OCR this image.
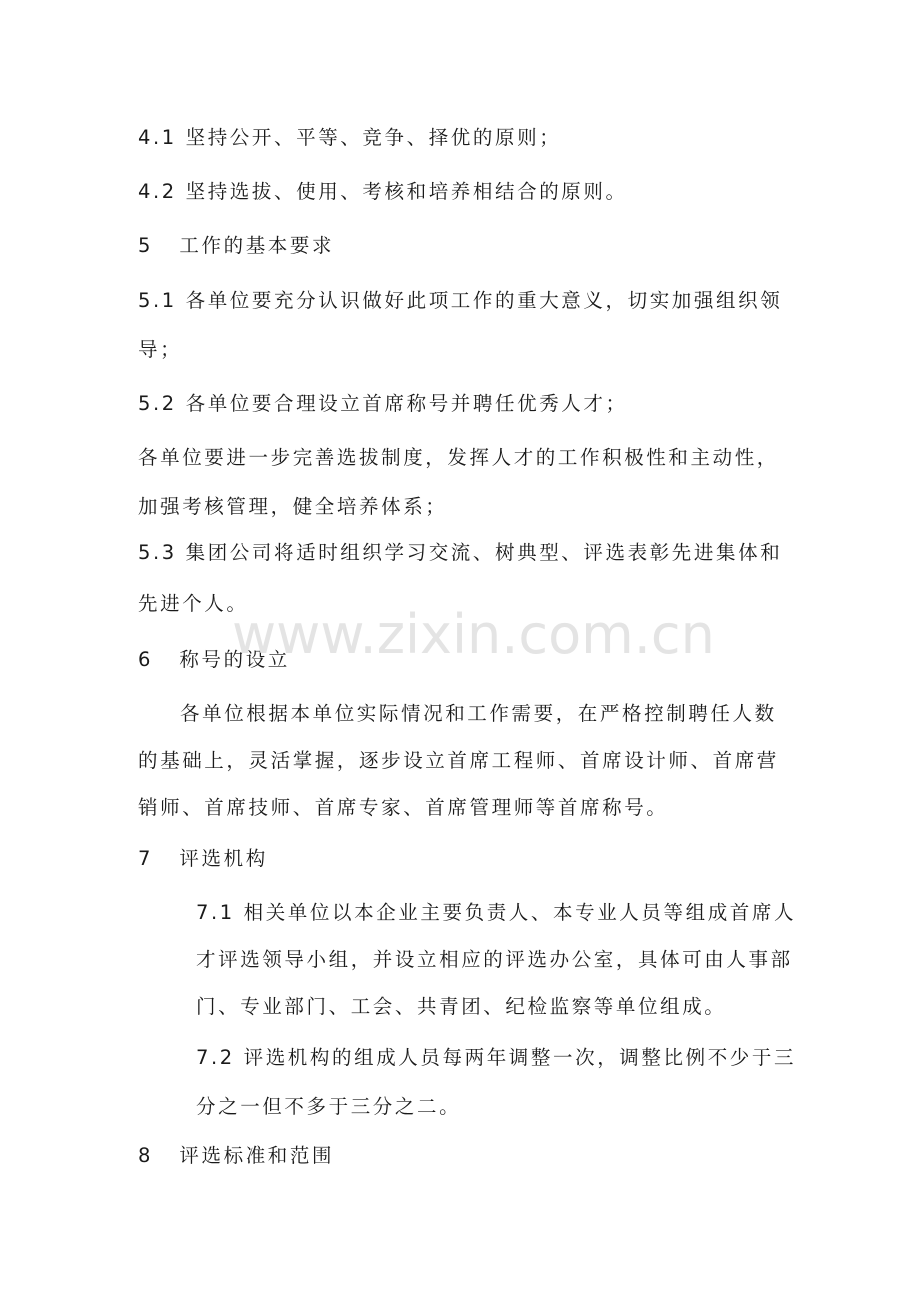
4.1 坚持公开、平等、竞争、择优的原则；
4.2 坚持选拔、使用、考核和培养相结合的原则。
5   工作的基本要求
5.1 各单位要充分认识做好此项工作的重大意义，切实加强组织领
导；
5.2 各单位要合理设立首席称号并聘任优秀人才；
各单位要进一步完善选拔制度，发挥人才的工作积极性和主动性，
加强考核管理，健全培养体系；
5.3 集团公司将适时组织学习交流、树典型、评选表彰先进集体和
先进个人。
6   称号的设立
各单位根据本单位实际情况和工作需要，在严格控制聘任人数
的基础上，灵活掌握，逐步设立首席工程师、首席设计师、首席营
销师、首席技师、首席专家、首席管理师等首席称号。
7   评选机构
7.1 相关单位以本企业主要负责人、本专业人员等组成首席人
才评选领导小组，并设立相应的评选办公室，具体可由人事部
门、专业部门、工会、共青团、纪检监察等单位组成。
7.2 评选机构的组成人员每两年调整一次，调整比例不少于三
分之一但不多于三分之二。
8   评选标准和范围
www.zixin.com.cn
